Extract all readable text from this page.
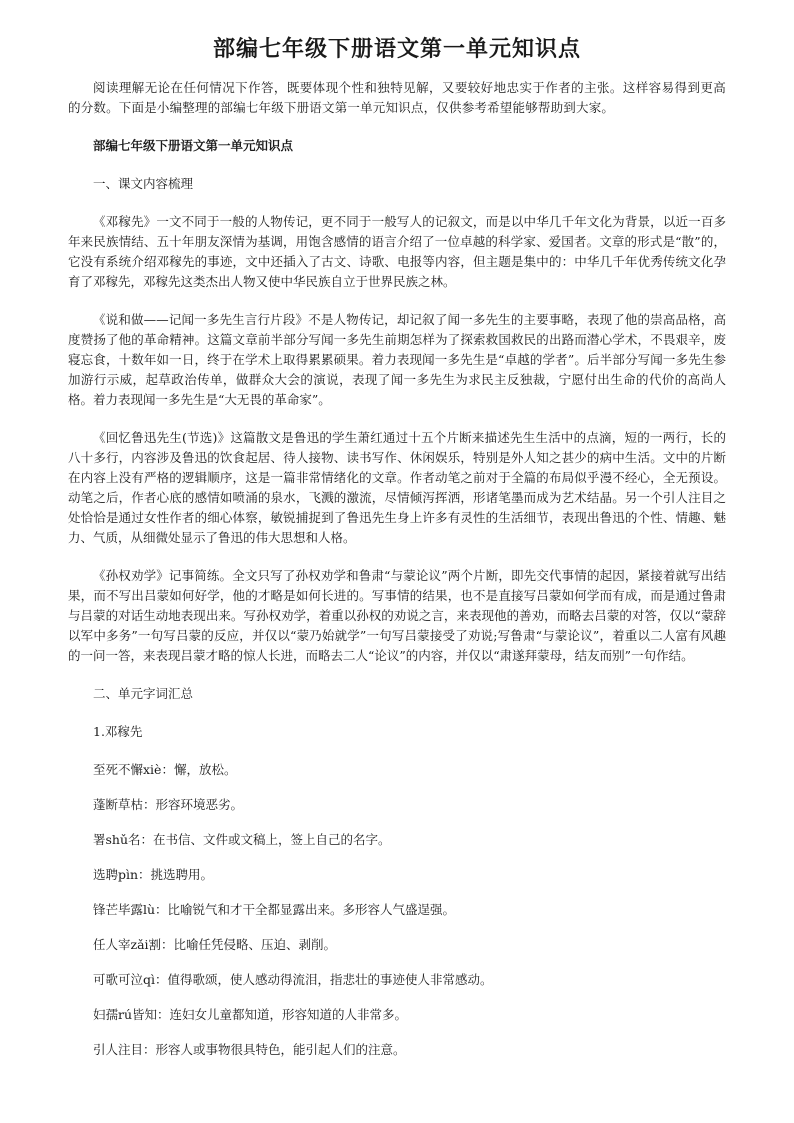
部编七年级下册语文第一单元知识点

阅读理解无论在任何情况下作答，既要体现个性和独特见解，又要较好地忠实于作者的主张。这样容易得到更高的分数。下面是小编整理的部编七年级下册语文第一单元知识点，仅供参考希望能够帮助到大家。

部编七年级下册语文第一单元知识点

一、课文内容梳理

《邓稼先》一文不同于一般的人物传记，更不同于一般写人的记叙文，而是以中华几千年文化为背景，以近一百多年来民族情结、五十年朋友深情为基调，用饱含感情的语言介绍了一位卓越的科学家、爱国者。文章的形式是“散”的，它没有系统介绍邓稼先的事迹，文中还插入了古文、诗歌、电报等内容，但主题是集中的：中华几千年优秀传统文化孕育了邓稼先，邓稼先这类杰出人物又使中华民族自立于世界民族之林。

《说和做——记闻一多先生言行片段》不是人物传记，却记叙了闻一多先生的主要事略，表现了他的崇高品格，高度赞扬了他的革命精神。这篇文章前半部分写闻一多先生前期怎样为了探索救国救民的出路而潜心学术，不畏艰辛，废寝忘食，十数年如一日，终于在学术上取得累累硕果。着力表现闻一多先生是“卓越的学者”。后半部分写闻一多先生参加游行示威，起草政治传单，做群众大会的演说，表现了闻一多先生为求民主反独裁，宁愿付出生命的代价的高尚人格。着力表现闻一多先生是“大无畏的革命家”。

《回忆鲁迅先生(节选)》这篇散文是鲁迅的学生萧红通过十五个片断来描述先生生活中的点滴，短的一两行，长的八十多行，内容涉及鲁迅的饮食起居、待人接物、读书写作、休闲娱乐，特别是外人知之甚少的病中生活。文中的片断在内容上没有严格的逻辑顺序，这是一篇非常情绪化的文章。作者动笔之前对于全篇的布局似乎漫不经心，全无预设。动笔之后，作者心底的感情如喷涌的泉水，飞溅的激流，尽情倾泻挥洒，形诸笔墨而成为艺术结晶。另一个引人注目之处恰恰是通过女性作者的细心体察，敏锐捕捉到了鲁迅先生身上许多有灵性的生活细节，表现出鲁迅的个性、情趣、魅力、气质，从细微处显示了鲁迅的伟大思想和人格。

《孙权劝学》记事简练。全文只写了孙权劝学和鲁肃“与蒙论议”两个片断，即先交代事情的起因，紧接着就写出结果，而不写出吕蒙如何好学，他的才略是如何长进的。写事情的结果，也不是直接写吕蒙如何学而有成，而是通过鲁肃与吕蒙的对话生动地表现出来。写孙权劝学，着重以孙权的劝说之言，来表现他的善劝，而略去吕蒙的对答，仅以“蒙辞以军中多务”一句写吕蒙的反应，并仅以“蒙乃始就学”一句写吕蒙接受了劝说;写鲁肃“与蒙论议”，着重以二人富有风趣的一问一答，来表现吕蒙才略的惊人长进，而略去二人“论议”的内容，并仅以“肃遂拜蒙母，结友而别”一句作结。

二、单元字词汇总

1.邓稼先

至死不懈xiè：懈，放松。

蓬断草枯：形容环境恶劣。

署shǔ名：在书信、文件或文稿上，签上自己的名字。

选聘pìn：挑选聘用。

锋芒毕露lù：比喻锐气和才干全都显露出来。多形容人气盛逞强。

任人宰zǎi割：比喻任凭侵略、压迫、剥削。

可歌可泣qì：值得歌颂，使人感动得流泪，指悲壮的事迹使人非常感动。

妇孺rú皆知：连妇女儿童都知道，形容知道的人非常多。

引人注目：形容人或事物很具特色，能引起人们的注意。
